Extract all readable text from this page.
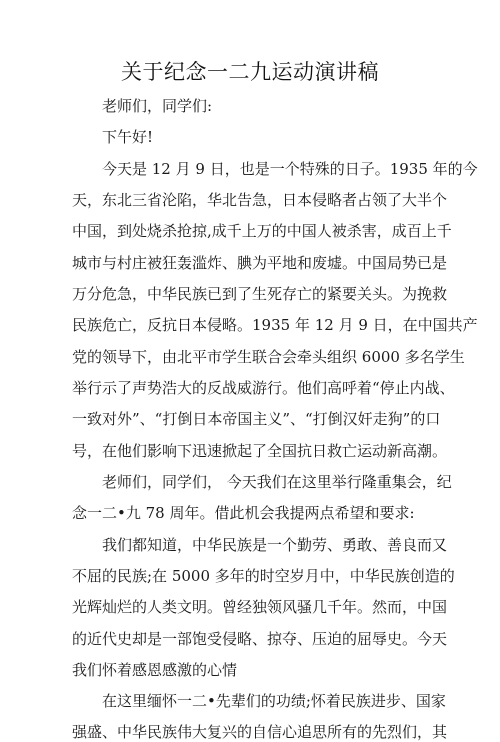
关于纪念一二九运动演讲稿
老师们，同学们:
下午好!
今天是 12 月 9 日，也是一个特殊的日子。1935 年的今
天，东北三省沦陷，华北告急，日本侵略者占领了大半个
中国，到处烧杀抢掠,成千上万的中国人被杀害，成百上千
城市与村庄被狂轰滥炸、腆为平地和废墟。中国局势已是
万分危急，中华民族已到了生死存亡的紧要关头。为挽救
民族危亡，反抗日本侵略。1935 年 12 月 9 日，在中国共产
党的领导下，由北平市学生联合会牵头组织 6000 多名学生
举行示了声势浩大的反战威游行。他们高呼着“停止内战、
一致对外”、“打倒日本帝国主义”、“打倒汉奸走狗”的口
号，在他们影响下迅速掀起了全国抗日救亡运动新高潮。
老师们，同学们， 今天我们在这里举行隆重集会，纪
念一二•九 78 周年。借此机会我提两点希望和要求:
我们都知道，中华民族是一个勤劳、勇敢、善良而又
不屈的民族;在 5000 多年的时空岁月中，中华民族创造的
光辉灿烂的人类文明。曾经独领风骚几千年。然而，中国
的近代史却是一部饱受侵略、掠夺、压迫的屈辱史。今天
我们怀着感恩感激的心情
在这里缅怀一二•先辈们的功绩;怀着民族进步、国家
强盛、中华民族伟大复兴的自信心追思所有的先烈们，其
